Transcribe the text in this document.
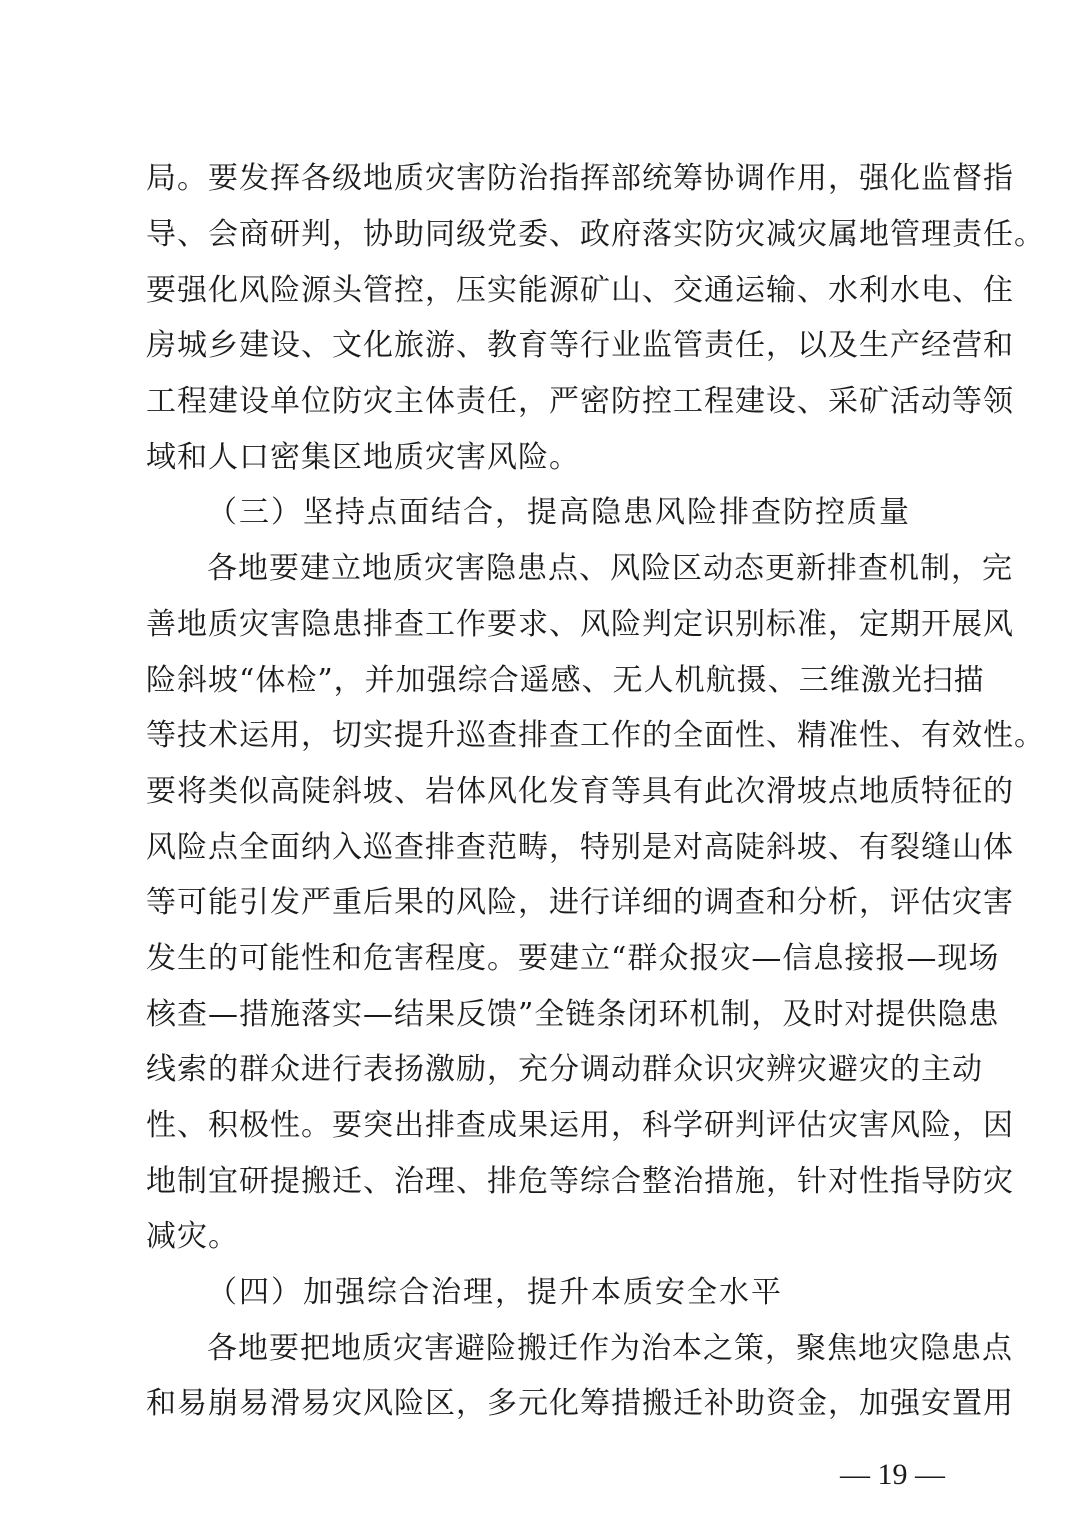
局。要发挥各级地质灾害防治指挥部统筹协调作用，强化监督指
导、会商研判，协助同级党委、政府落实防灾减灾属地管理责任。
要强化风险源头管控，压实能源矿山、交通运输、水利水电、住
房城乡建设、文化旅游、教育等行业监管责任，以及生产经营和
工程建设单位防灾主体责任，严密防控工程建设、采矿活动等领
域和人口密集区地质灾害风险。
（三）坚持点面结合，提高隐患风险排查防控质量
各地要建立地质灾害隐患点、风险区动态更新排查机制，完
善地质灾害隐患排查工作要求、风险判定识别标准，定期开展风
险斜坡“体检”，并加强综合遥感、无人机航摄、三维激光扫描
等技术运用，切实提升巡查排查工作的全面性、精准性、有效性。
要将类似高陡斜坡、岩体风化发育等具有此次滑坡点地质特征的
风险点全面纳入巡查排查范畴，特别是对高陡斜坡、有裂缝山体
等可能引发严重后果的风险，进行详细的调查和分析，评估灾害
发生的可能性和危害程度。要建立“群众报灾—信息接报—现场
核查—措施落实—结果反馈”全链条闭环机制，及时对提供隐患
线索的群众进行表扬激励，充分调动群众识灾辨灾避灾的主动
性、积极性。要突出排查成果运用，科学研判评估灾害风险，因
地制宜研提搬迁、治理、排危等综合整治措施，针对性指导防灾
减灾。
（四）加强综合治理，提升本质安全水平
各地要把地质灾害避险搬迁作为治本之策，聚焦地灾隐患点
和易崩易滑易灾风险区，多元化筹措搬迁补助资金，加强安置用
— 19 —
